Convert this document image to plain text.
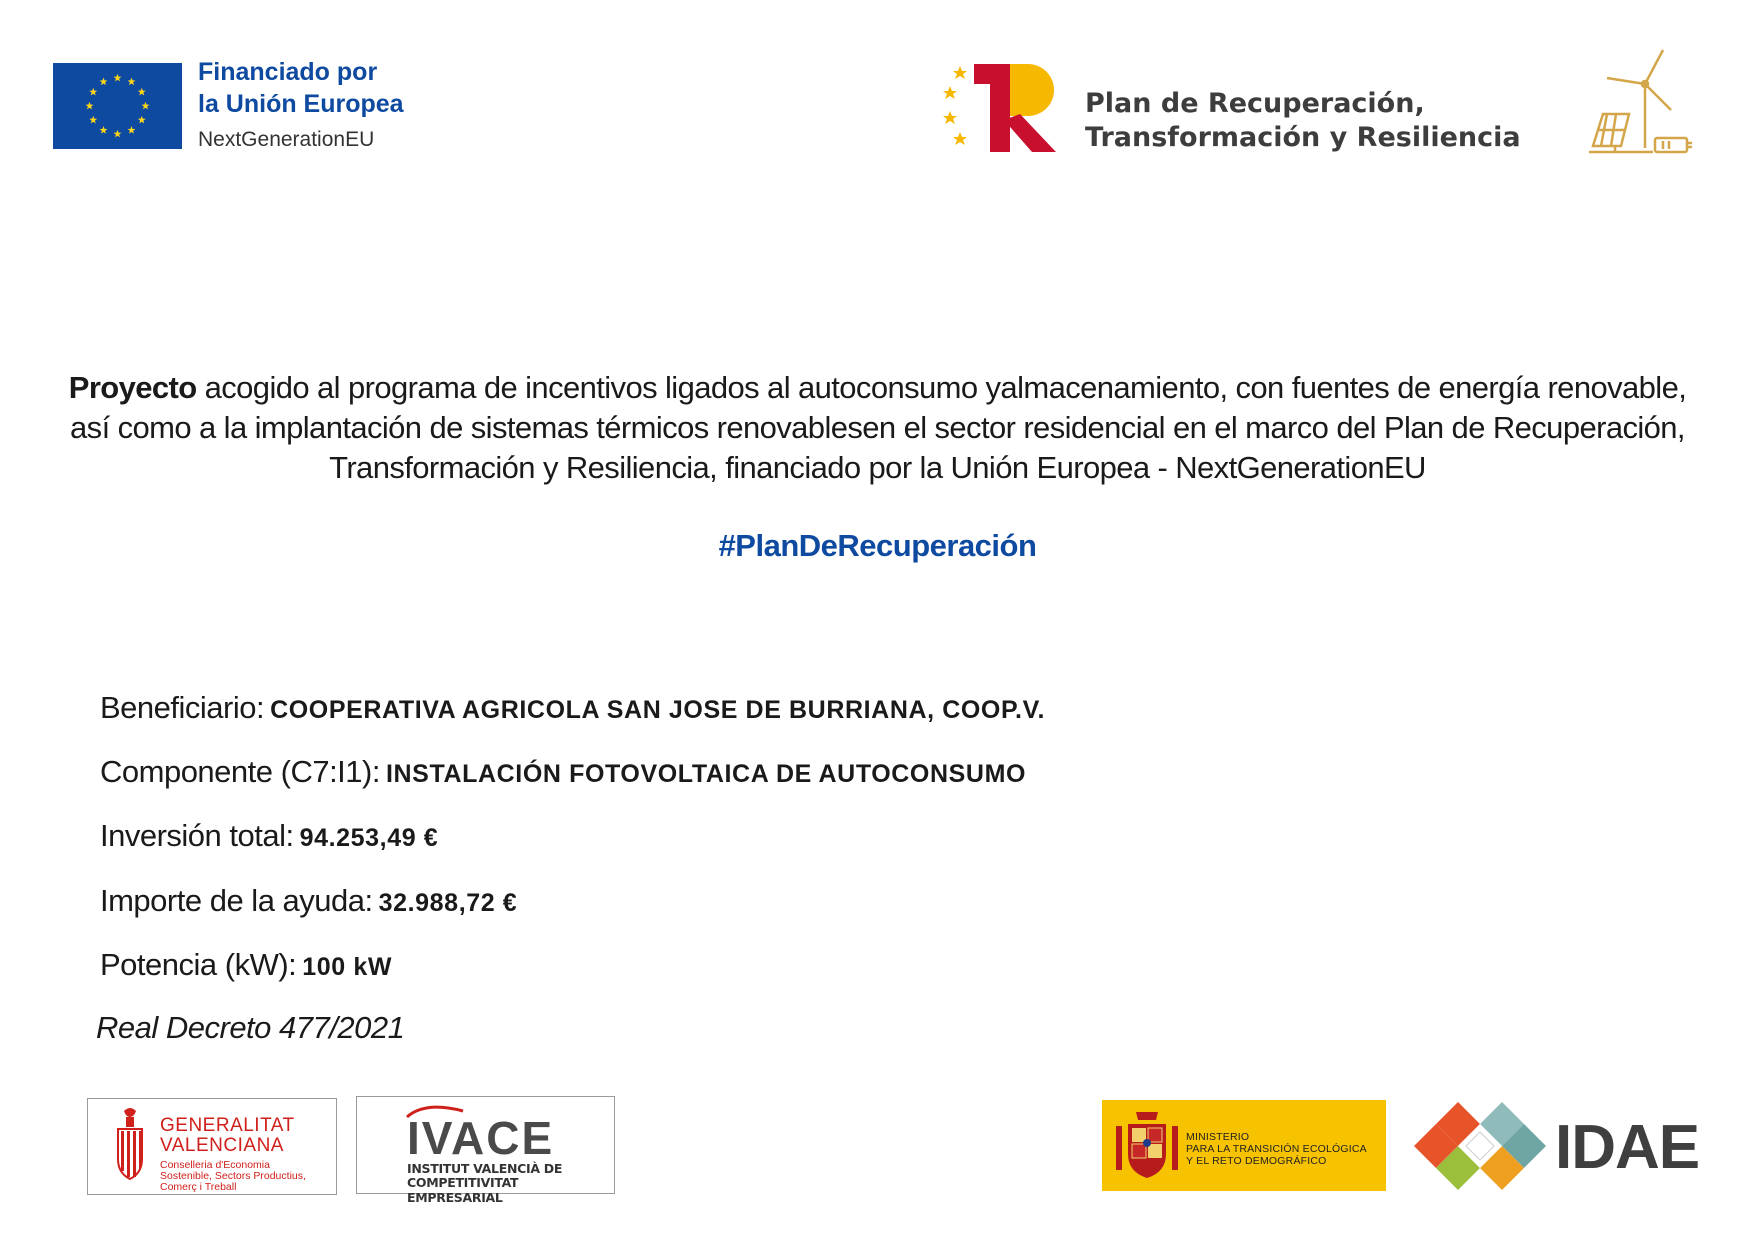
Financiado por
la Unión Europea
NextGenerationEU
Plan de Recuperación,
Transformación y Resiliencia
Proyecto acogido al programa de incentivos ligados al autoconsumo yalmacenamiento, con fuentes de energía renovable, así como a la implantación de sistemas térmicos renovablesen el sector residencial en el marco del Plan de Recuperación, Transformación y Resiliencia, financiado por la Unión Europea - NextGenerationEU
#PlanDeRecuperación
Beneficiario: COOPERATIVA AGRICOLA SAN JOSE DE BURRIANA, COOP.V.
Componente (C7:I1): INSTALACIÓN FOTOVOLTAICA DE AUTOCONSUMO
Inversión total: 94.253,49 €
Importe de la ayuda: 32.988,72 €
Potencia (kW): 100 kW
Real Decreto 477/2021
GENERALITAT
VALENCIANA
Conselleria d'Economia
Sostenible, Sectors Productius,
Comerç i Treball
IVACE
INSTITUT VALENCIÀ DE
COMPETITIVITAT EMPRESARIAL
MINISTERIO
PARA LA TRANSICIÓN ECOLÓGICA
Y EL RETO DEMOGRÁFICO	IDAE
